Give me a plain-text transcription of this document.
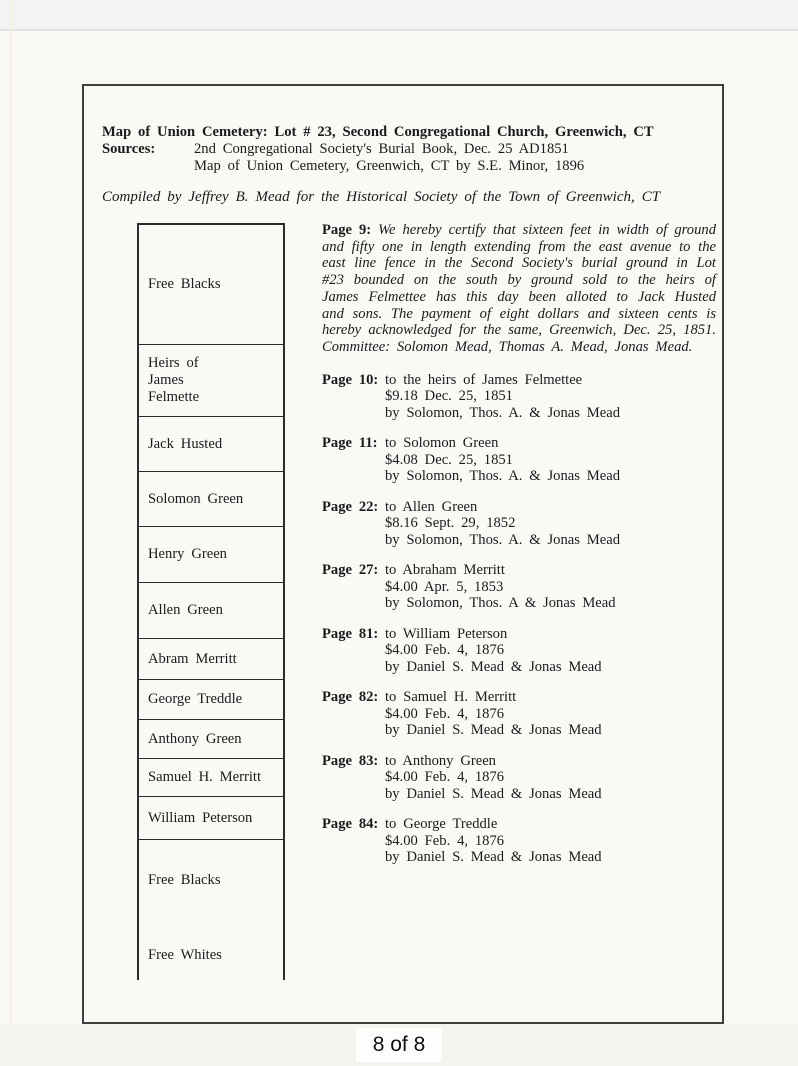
Map of Union Cemetery: Lot # 23, Second Congregational Church, Greenwich, CT
Sources:	2nd Congregational Society's Burial Book, Dec. 25 AD1851
Map of Union Cemetery, Greenwich, CT by S.E. Minor, 1896
Compiled by Jeffrey B. Mead for the Historical Society of the Town of Greenwich, CT
Free Blacks
Heirs of
James
Felmette
Jack Husted
Solomon Green
Henry Green
Allen Green
Abram Merritt
George Treddle
Anthony Green
Samuel H. Merritt
William Peterson
Free Blacks
Free Whites

Page 9: We hereby certify that sixteen feet in width of ground and fifty one in length extending from the east avenue to the east line fence in the Second Society's burial ground in Lot #23 bounded on the south by ground sold to the heirs of James Felmettee has this day been alloted to Jack Husted and sons. The payment of eight dollars and sixteen cents is hereby acknowledged for the same, Greenwich, Dec. 25, 1851. Committee: Solomon Mead, Thomas A. Mead, Jonas Mead.

Page 10: to the heirs of James Felmettee
$9.18 Dec. 25, 1851
by Solomon, Thos. A. & Jonas Mead
Page 11: to Solomon Green
$4.08 Dec. 25, 1851
by Solomon, Thos. A. & Jonas Mead
Page 22: to Allen Green
$8.16 Sept. 29, 1852
by Solomon, Thos. A. & Jonas Mead
Page 27: to Abraham Merritt
$4.00 Apr. 5, 1853
by Solomon, Thos. A & Jonas Mead
Page 81: to William Peterson
$4.00 Feb. 4, 1876
by Daniel S. Mead & Jonas Mead
Page 82: to Samuel H. Merritt
$4.00 Feb. 4, 1876
by Daniel S. Mead & Jonas Mead
Page 83: to Anthony Green
$4.00 Feb. 4, 1876
by Daniel S. Mead & Jonas Mead
Page 84: to George Treddle
$4.00 Feb. 4, 1876
by Daniel S. Mead & Jonas Mead
8 of 8
